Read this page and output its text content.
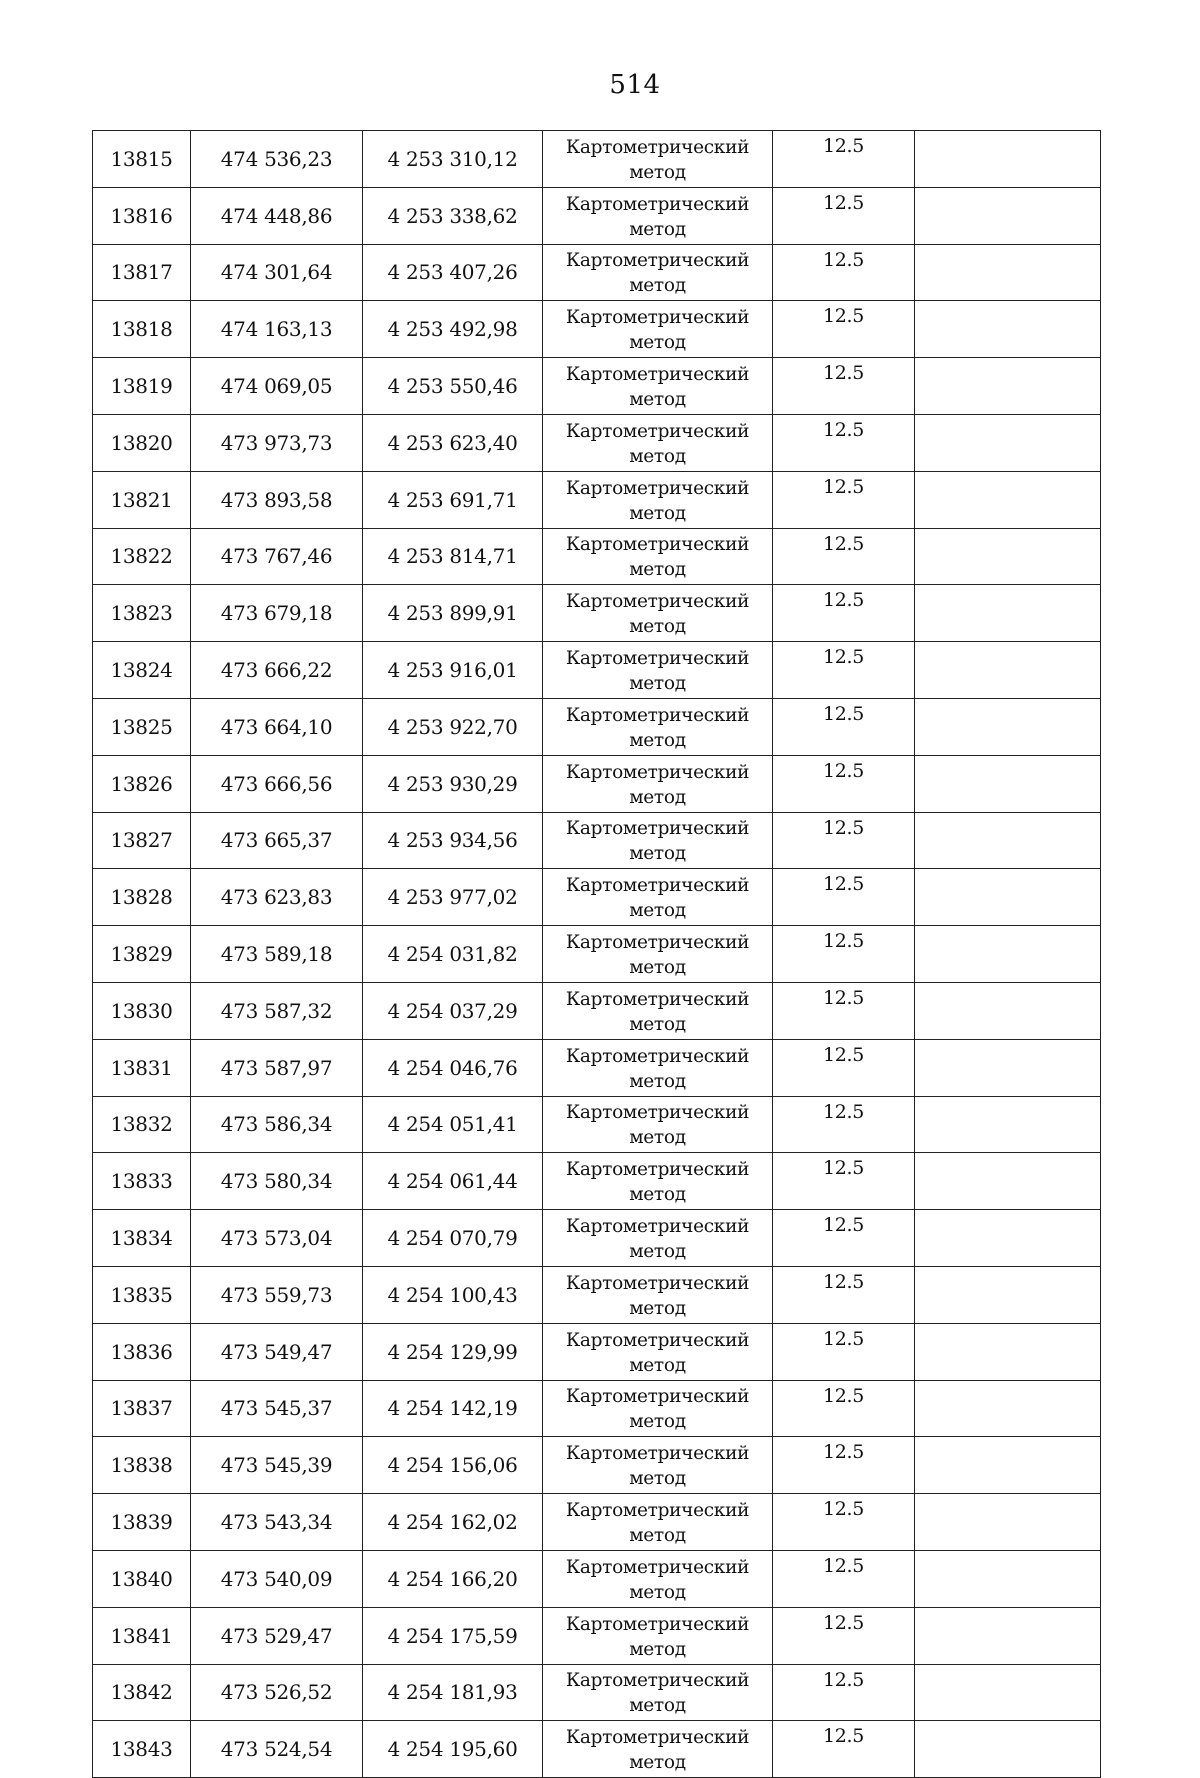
514
13815	474 536,23	4 253 310,12	Картометрический
метод	12.5	
13816	474 448,86	4 253 338,62	Картометрический
метод	12.5	
13817	474 301,64	4 253 407,26	Картометрический
метод	12.5	
13818	474 163,13	4 253 492,98	Картометрический
метод	12.5	
13819	474 069,05	4 253 550,46	Картометрический
метод	12.5	
13820	473 973,73	4 253 623,40	Картометрический
метод	12.5	
13821	473 893,58	4 253 691,71	Картометрический
метод	12.5	
13822	473 767,46	4 253 814,71	Картометрический
метод	12.5	
13823	473 679,18	4 253 899,91	Картометрический
метод	12.5	
13824	473 666,22	4 253 916,01	Картометрический
метод	12.5	
13825	473 664,10	4 253 922,70	Картометрический
метод	12.5	
13826	473 666,56	4 253 930,29	Картометрический
метод	12.5	
13827	473 665,37	4 253 934,56	Картометрический
метод	12.5	
13828	473 623,83	4 253 977,02	Картометрический
метод	12.5	
13829	473 589,18	4 254 031,82	Картометрический
метод	12.5	
13830	473 587,32	4 254 037,29	Картометрический
метод	12.5	
13831	473 587,97	4 254 046,76	Картометрический
метод	12.5	
13832	473 586,34	4 254 051,41	Картометрический
метод	12.5	
13833	473 580,34	4 254 061,44	Картометрический
метод	12.5	
13834	473 573,04	4 254 070,79	Картометрический
метод	12.5	
13835	473 559,73	4 254 100,43	Картометрический
метод	12.5	
13836	473 549,47	4 254 129,99	Картометрический
метод	12.5	
13837	473 545,37	4 254 142,19	Картометрический
метод	12.5	
13838	473 545,39	4 254 156,06	Картометрический
метод	12.5	
13839	473 543,34	4 254 162,02	Картометрический
метод	12.5	
13840	473 540,09	4 254 166,20	Картометрический
метод	12.5	
13841	473 529,47	4 254 175,59	Картометрический
метод	12.5	
13842	473 526,52	4 254 181,93	Картометрический
метод	12.5	
13843	473 524,54	4 254 195,60	Картометрический
метод	12.5	
